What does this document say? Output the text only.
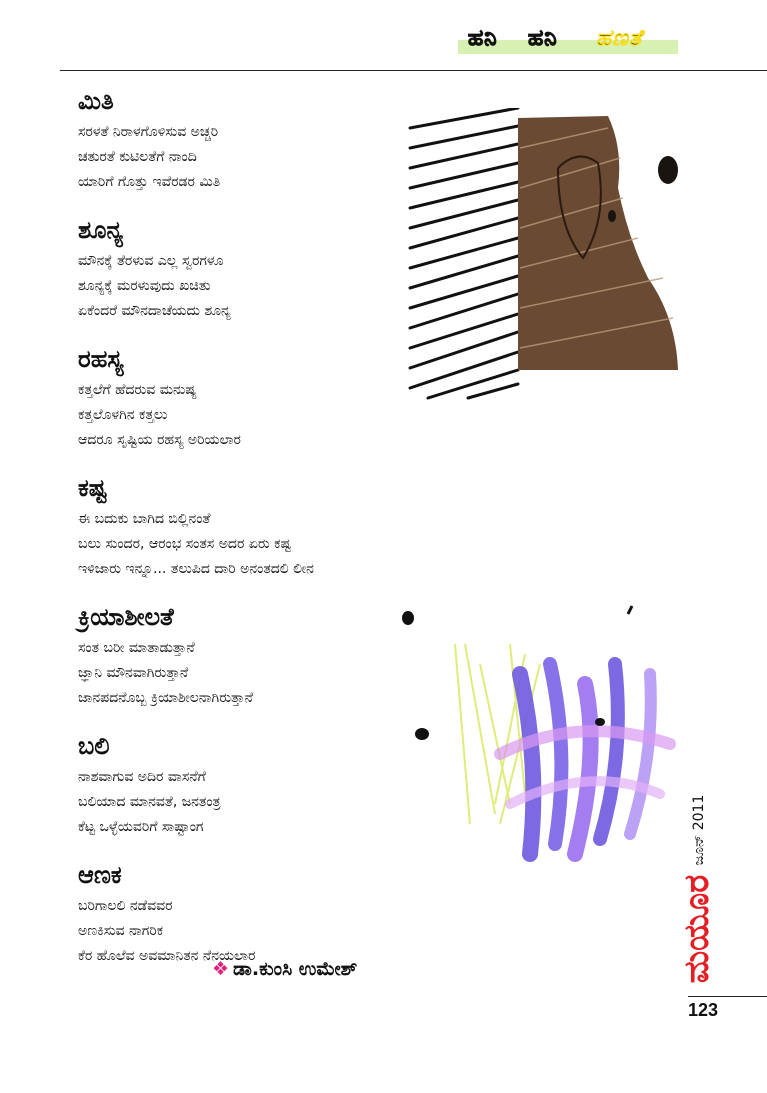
ಹನಿ ಹನಿ ಹಣತೆ
ಮಿತಿ
ಸರಳತೆ ನಿರಾಳಗೊಳಿಸುವ ಅಚ್ಚರಿ
ಚತುರತೆ ಕುಟಿಲತೆಗೆ ನಾಂದಿ
ಯಾರಿಗೆ ಗೊತ್ತು ಇವೆರಡರ ಮಿತಿ
ಶೂನ್ಯ
ಮೌನಕ್ಕೆ ತೆರಳುವ ಎಲ್ಲ ಸ್ವರಗಳೂ
ಶೂನ್ಯಕ್ಕೆ ಮರಳುವುದು ಖಚಿತು
ಏಕೆಂದರೆ ಮೌನದಾಚೆಯದು ಶೂನ್ಯ
ರಹಸ್ಯ
ಕತ್ತಲೆಗೆ ಹೆದರುವ ಮನುಷ್ಯ
ಕತ್ತಲೊಳಗಿನ ಕತ್ತಲು
ಆದರೂ ಸೃಷ್ಟಿಯ ರಹಸ್ಯ ಅರಿಯಲಾರ
ಕಷ್ಟ
ಈ ಬದುಕು ಬಾಗಿದ ಬಿಲ್ಲಿನಂತೆ
ಬಲು ಸುಂದರ, ಆರಂಭ ಸಂತಸ ಅದರ ಏರು ಕಷ್ಟ
ಇಳಿಜಾರು ಇನ್ನೂ... ತಲುಪಿದ ದಾರಿ ಅನಂತದಲಿ ಲೀನ
ಕ್ರಿಯಾಶೀಲತೆ
ಸಂತ ಬರೀ ಮಾತಾಡುತ್ತಾನೆ
ಜ್ಞಾನಿ ಮೌನವಾಗಿರುತ್ತಾನೆ
ಜಾನಪದನೊಬ್ಬ ಕ್ರಿಯಾಶೀಲನಾಗಿರುತ್ತಾನೆ
ಬಲಿ
ನಾಶವಾಗುವ ಅದಿರ ವಾಸನೆಗೆ
ಬಲಿಯಾದ ಮಾನವತೆ, ಜನತಂತ್ರ
ಕೆಟ್ಟ ಒಳ್ಳೆಯವರಿಗೆ ಸಾಷ್ಟಾಂಗ
ಆಣಕ
ಬರಿಗಾಲಲಿ ನಡೆವವರ
ಅಣಕಿಸುವ ನಾಗರಿಕ
ಕೆರ ಹೊಲೆವ ಅವಮಾನಿತನ ನೆನಯಲಾರ
❖ ಡಾ.ಕುಂಸಿ ಉಮೇಶ್
ಜೂನ್ 2011
ಮಯೂರ
123
